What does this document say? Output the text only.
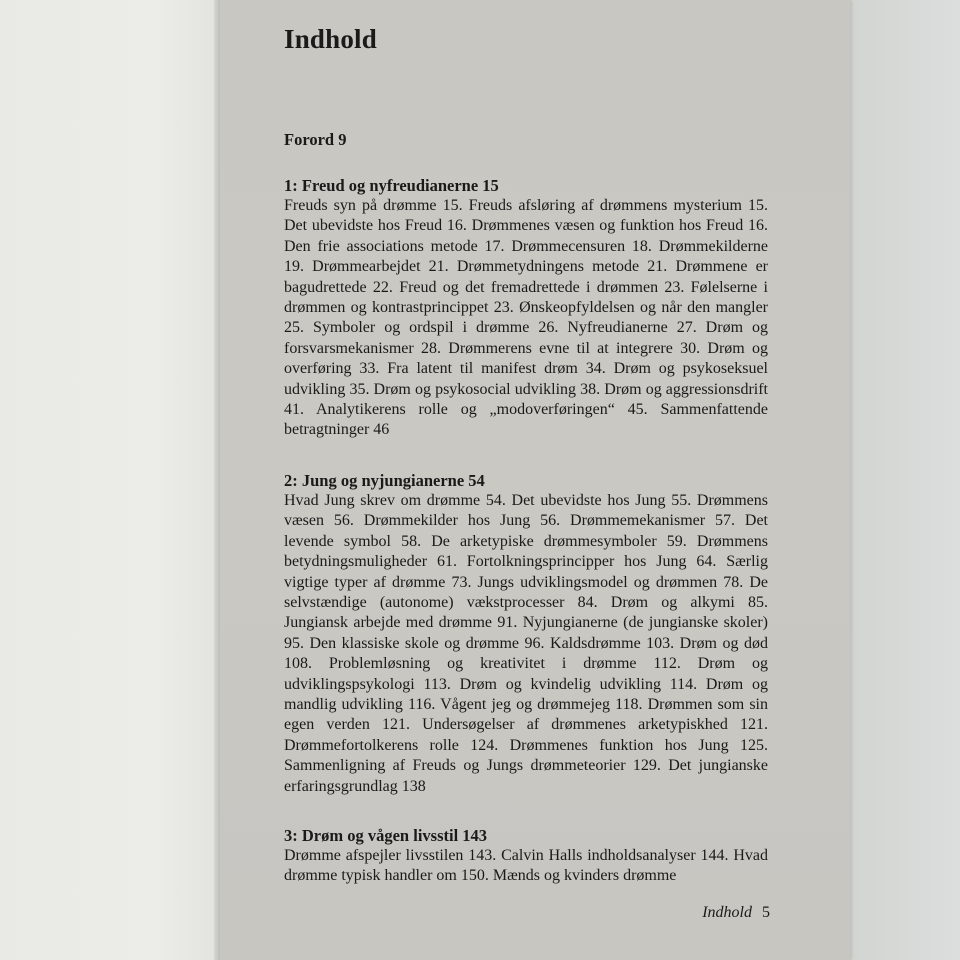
Indhold

Forord 9

1: Freud og nyfreudianerne 15

Freuds syn på drømme 15. Freuds afsløring af drømmens mysterium 15. Det ubevidste hos Freud 16. Drømmenes væsen og funktion hos Freud 16. Den frie associations metode 17. Drømmecensuren 18. Drømmekilderne 19. Drømmearbejdet 21. Drømmetydningens metode 21. Drømmene er bagudrettede 22. Freud og det fremadrettede i drømmen 23. Følelserne i drømmen og kontrastprincippet 23. Ønskeopfyldelsen og når den mangler 25. Symboler og ordspil i drømme 26. Nyfreudianerne 27. Drøm og forsvarsmekanismer 28. Drømmerens evne til at integrere 30. Drøm og overføring 33. Fra latent til manifest drøm 34. Drøm og psykoseksuel udvikling 35. Drøm og psykosocial udvikling 38. Drøm og aggressionsdrift 41. Analytikerens rolle og „modoverføringen“ 45. Sammenfattende betragtninger 46

2: Jung og nyjungianerne 54

Hvad Jung skrev om drømme 54. Det ubevidste hos Jung 55. Drømmens væsen 56. Drømmekilder hos Jung 56. Drømmemekanismer 57. Det levende symbol 58. De arketypiske drømmesymboler 59. Drømmens betydningsmuligheder 61. Fortolkningsprincipper hos Jung 64. Særlig vigtige typer af drømme 73. Jungs udviklingsmodel og drømmen 78. De selvstændige (autonome) vækstprocesser 84. Drøm og alkymi 85. Jungiansk arbejde med drømme 91. Nyjungianerne (de jungianske skoler) 95. Den klassiske skole og drømme 96. Kaldsdrømme 103. Drøm og død 108. Problemløsning og kreativitet i drømme 112. Drøm og udviklingspsykologi 113. Drøm og kvindelig udvikling 114. Drøm og mandlig udvikling 116. Vågent jeg og drømmejeg 118. Drømmen som sin egen verden 121. Undersøgelser af drømmenes arketypiskhed 121. Drømmefortolkerens rolle 124. Drømmenes funktion hos Jung 125. Sammenligning af Freuds og Jungs drømmeteorier 129. Det jungianske erfaringsgrundlag 138

3: Drøm og vågen livsstil 143

Drømme afspejler livsstilen 143. Calvin Halls indholdsanalyser 144. Hvad drømme typisk handler om 150. Mænds og kvinders drømme

Indhold 5
